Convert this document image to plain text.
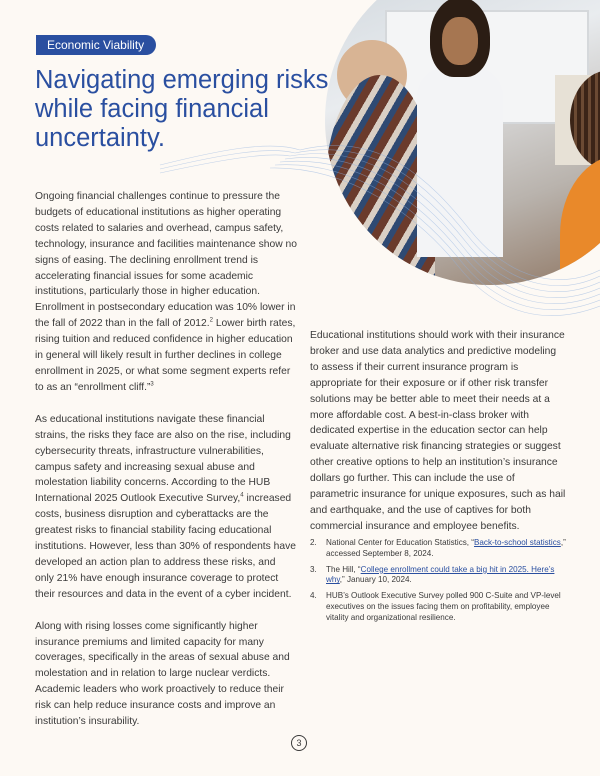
Economic Viability
Navigating emerging risks while facing financial uncertainty.

Ongoing financial challenges continue to pressure the budgets of educational institutions as higher operating costs related to salaries and overhead, campus safety, technology, insurance and facilities maintenance show no signs of easing. The declining enrollment trend is accelerating financial issues for some academic institutions, particularly those in higher education. Enrollment in postsecondary education was 10% lower in the fall of 2022 than in the fall of 2012.$^2$ Lower birth rates, rising tuition and reduced confidence in higher education in general will likely result in further declines in college enrollment in 2025, or what some segment experts refer to as an “enrollment cliff.”$^3$

As educational institutions navigate these financial strains, the risks they face are also on the rise, including cybersecurity threats, infrastructure vulnerabilities, campus safety and increasing sexual abuse and molestation liability concerns. According to the HUB International 2025 Outlook Executive Survey,$^4$ increased costs, business disruption and cyberattacks are the greatest risks to financial stability facing educational institutions. However, less than 30% of respondents have developed an action plan to address these risks, and only 21% have enough insurance coverage to protect their resources and data in the event of a cyber incident.

Along with rising losses come significantly higher insurance premiums and limited capacity for many coverages, specifically in the areas of sexual abuse and molestation and in relation to large nuclear verdicts. Academic leaders who work proactively to reduce their risk can help reduce insurance costs and improve an institution’s insurability.

Educational institutions should work with their insurance broker and use data analytics and predictive modeling to assess if their current insurance program is appropriate for their exposure or if other risk transfer solutions may be better able to meet their needs at a more affordable cost. A best-in-class broker with dedicated expertise in the education sector can help evaluate alternative risk financing strategies or suggest other creative options to help an institution’s insurance dollars go further. This can include the use of parametric insurance for unique exposures, such as hail and earthquake, and the use of captives for both commercial insurance and employee benefits.

2. National Center for Education Statistics, “Back-to-school statistics,” accessed September 8, 2024.
3. The Hill, “College enrollment could take a big hit in 2025. Here’s why,” January 10, 2024.
4. HUB’s Outlook Executive Survey polled 900 C-Suite and VP-level executives on the issues facing them on profitability, employee vitality and organizational resilience.
3
